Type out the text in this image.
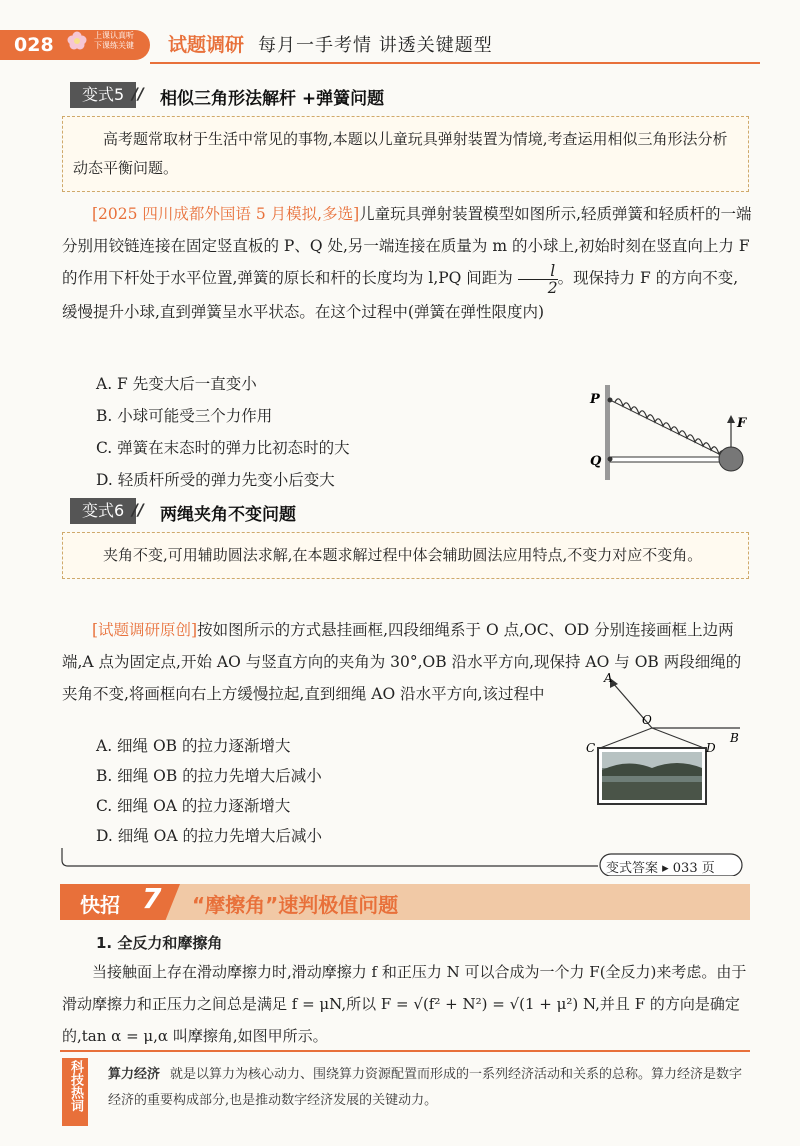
028	上课认真听
下课练关键 试题调研 每月一手考情 讲透关键题型
变式5 // 相似三角形法解杆 +弹簧问题
高考题常取材于生活中常见的事物,本题以儿童玩具弹射装置为情境,考查运用相似三角形法分析动态平衡问题。
[2025 四川成都外国语 5 月模拟,多选]儿童玩具弹射装置模型如图所示,轻质弹簧和轻质杆的一端分别用铰链连接在固定竖直板的 P、Q 处,另一端连接在质量为 m 的小球上,初始时刻在竖直向上力 F 的作用下杆处于水平位置,弹簧的原长和杆的长度均为 l,PQ 间距为 $\frac{l}{2}$ 。现保持力 F 的方向不变,缓慢提升小球,直到弹簧呈水平状态。在这个过程中(弹簧在弹性限度内)
A. F 先变大后一直变小
B. 小球可能受三个力作用
C. 弹簧在末态时的弹力比初态时的大
D. 轻质杆所受的弹力先变小后变大
P
Q
F
变式6 // 两绳夹角不变问题
夹角不变,可用辅助圆法求解,在本题求解过程中体会辅助圆法应用特点,不变力对应不变角。
[试题调研原创]按如图所示的方式悬挂画框,四段细绳系于 O 点,OC、OD 分别连接画框上边两端,A 点为固定点,开始 AO 与竖直方向的夹角为 30°,OB 沿水平方向,现保持 AO 与 OB 两段细绳的夹角不变,将画框向右上方缓慢拉起,直到细绳 AO 沿水平方向,该过程中
A. 细绳 OB 的拉力逐渐增大
B. 细绳 OB 的拉力先增大后减小
C. 细绳 OA 的拉力逐渐增大
D. 细绳 OA 的拉力先增大后减小
A
O
B
C	D
变式答案 ▸ 033 页
快招 7 “摩擦角”速判极值问题
1. 全反力和摩擦角
当接触面上存在滑动摩擦力时,滑动摩擦力 f 和正压力 N 可以合成为一个力 F(全反力)来考虑。由于滑动摩擦力和正压力之间总是满足 f = μN,所以 F = √(f² + N²) = √(1 + μ²) N,并且 F 的方向是确定的,tan α = μ,α 叫摩擦角,如图甲所示。
科技热词 算力经济 就是以算力为核心动力、围绕算力资源配置而形成的一系列经济活动和关系的总称。算力经济是数字经济的重要构成部分,也是推动数字经济发展的关键动力。
